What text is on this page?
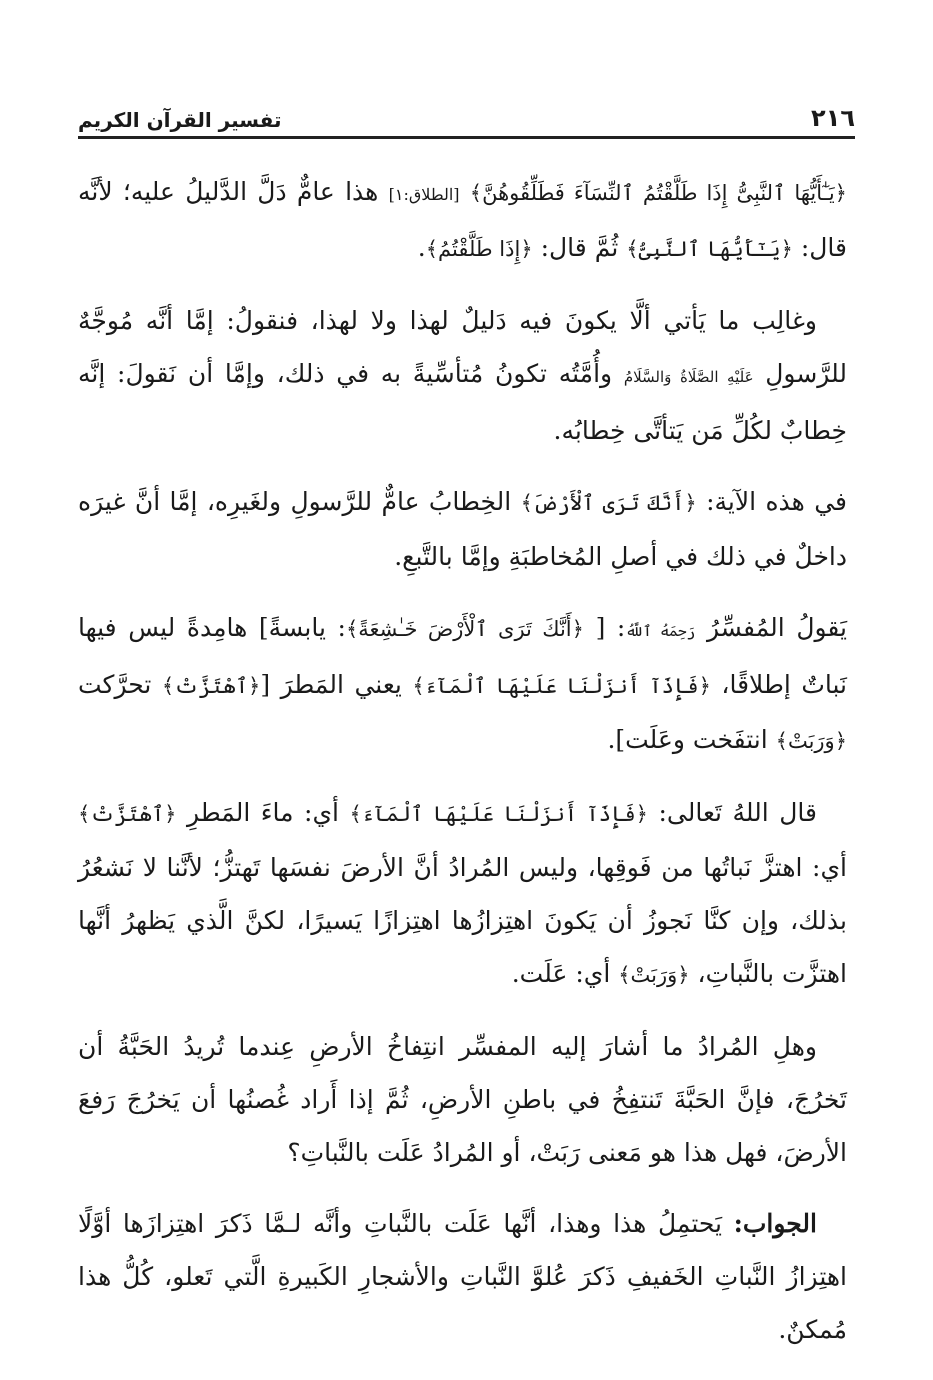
٢١٦
تفسير القرآن الكريم

﴿يَـٰٓأَيُّهَا ٱلنَّبِىُّ إِذَا طَلَّقْتُمُ ٱلنِّسَآءَ فَطَلِّقُوهُنَّ﴾ [الطلاق:١] هذا عامٌّ دَلَّ الدَّليلُ عليه؛ لأنَّه قال: ﴿يَـٰٓأَيُّهَا ٱلنَّبِىُّ﴾ ثُمَّ قال: ﴿إِذَا طَلَّقْتُمُ﴾.

وغالِب ما يَأتي ألَّا يكونَ فيه دَليلٌ لهذا ولا لهذا، فنقولُ: إمَّا أنَّه مُوجَّهٌ للرَّسولِ عَلَيْهِ الصَّلَاةُ وَالسَّلَامُ وأُمَّتُه تكونُ مُتأسِّيةً به في ذلك، وإمَّا أن نَقولَ: إنَّه خِطابٌ لكُلِّ مَن يَتأتَّى خِطابُه.

في هذه الآية: ﴿أَنَّكَ تَرَى ٱلْأَرْضَ﴾ الخِطابُ عامٌّ للرَّسولِ ولغَيرِه، إمَّا أنَّ غيرَه داخلٌ في ذلك في أصلِ المُخاطبَةِ وإمَّا بالتَّبعِ.

يَقولُ المُفسِّرُ رَحِمَهُ ٱللَّهُ: [ ﴿أَنَّكَ تَرَى ٱلْأَرْضَ خَـٰشِعَةً﴾: يابسةً] هامِدةً ليس فيها نَباتٌ إطلاقًا، ﴿فَإِذَآ أَنزَلْنَا عَلَيْهَا ٱلْمَآءَ﴾ يعني المَطرَ [﴿ٱهْتَزَّتْ﴾ تحرَّكت ﴿وَرَبَتْ﴾ انتفَخت وعَلَت].

قال اللهُ تَعالى: ﴿فَإِذَآ أَنزَلْنَا عَلَيْهَا ٱلْمَآءَ﴾ أي: ماءَ المَطرِ ﴿ٱهْتَزَّتْ﴾ أي: اهتزَّ نَباتُها من فَوقِها، وليس المُرادُ أنَّ الأرضَ نفسَها تَهتزُّ؛ لأنَّنا لا نَشعُرُ بذلك، وإن كنَّا نَجوزُ أن يَكونَ اهتِزازُها اهتِزازًا يَسيرًا، لكنَّ الَّذي يَظهرُ أنَّها اهتزَّت بالنَّباتِ، ﴿وَرَبَتْ﴾ أي: عَلَت.

وهلِ المُرادُ ما أشارَ إليه المفسِّر انتِفاخُ الأرضِ عِندما تُريدُ الحَبَّةُ أن تَخرُجَ، فإنَّ الحَبَّةَ تَنتفِخُ في باطنِ الأرضِ، ثُمَّ إذا أَراد غُصنُها أن يَخرُجَ رَفعَ الأرضَ، فهل هذا هو مَعنى رَبَتْ، أو المُرادُ عَلَت بالنَّباتِ؟

الجواب: يَحتمِلُ هذا وهذا، أنَّها عَلَت بالنَّباتِ وأنَّه لـمَّا ذَكرَ اهتِزازَها أوَّلًا اهتِزازُ النَّباتِ الخَفيفِ ذَكرَ عُلوَّ النَّباتِ والأشجارِ الكَبيرةِ الَّتي تَعلو، كُلُّ هذا مُمكنٌ.
